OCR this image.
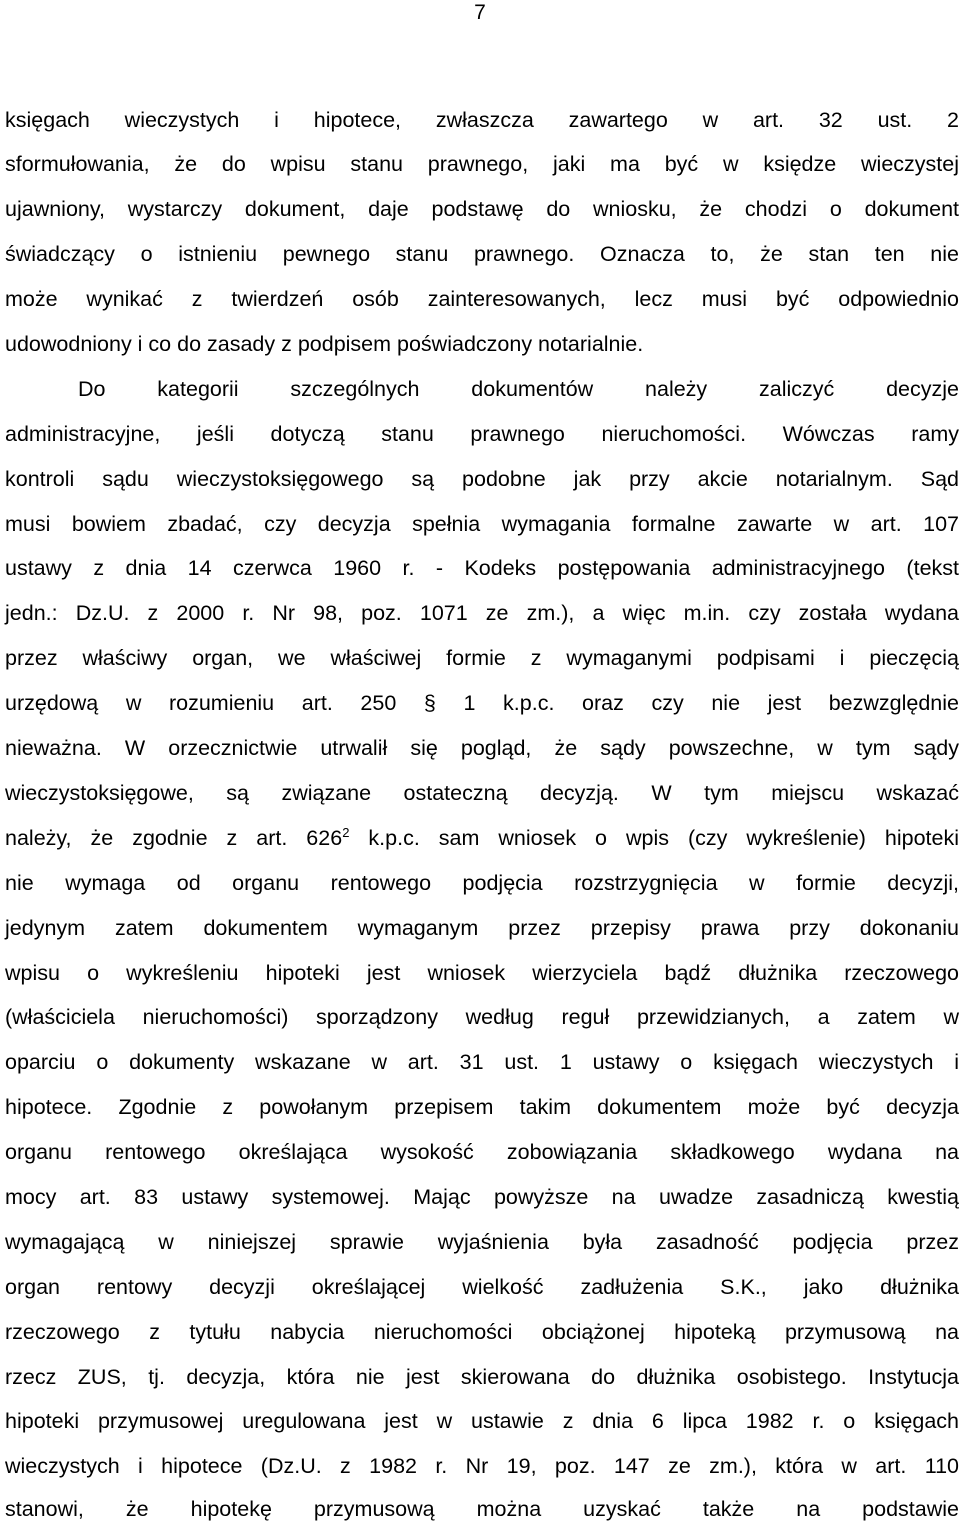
7
księgach wieczystych i hipotece, zwłaszcza zawartego w art. 32 ust. 2
sformułowania, że do wpisu stanu prawnego, jaki ma być w księdze wieczystej
ujawniony, wystarczy dokument, daje podstawę do wniosku, że chodzi o dokument
świadczący o istnieniu pewnego stanu prawnego. Oznacza to, że stan ten nie
może wynikać z twierdzeń osób zainteresowanych, lecz musi być odpowiednio
udowodniony i co do zasady z podpisem poświadczony notarialnie.
Do kategorii szczególnych dokumentów należy zaliczyć decyzje
administracyjne, jeśli dotyczą stanu prawnego nieruchomości. Wówczas ramy
kontroli sądu wieczystoksięgowego są podobne jak przy akcie notarialnym. Sąd
musi bowiem zbadać, czy decyzja spełnia wymagania formalne zawarte w art. 107
ustawy z dnia 14 czerwca 1960 r. - Kodeks postępowania administracyjnego (tekst
jedn.: Dz.U. z 2000 r. Nr 98, poz. 1071 ze zm.), a więc m.in. czy została wydana
przez właściwy organ, we właściwej formie z wymaganymi podpisami i pieczęcią
urzędową w rozumieniu art. 250 § 1 k.p.c. oraz czy nie jest bezwzględnie
nieważna. W orzecznictwie utrwalił się pogląd, że sądy powszechne, w tym sądy
wieczystoksięgowe, są związane ostateczną decyzją. W tym miejscu wskazać
należy, że zgodnie z art. $626^2$ k.p.c. sam wniosek o wpis (czy wykreślenie) hipoteki
nie wymaga od organu rentowego podjęcia rozstrzygnięcia w formie decyzji,
jedynym zatem dokumentem wymaganym przez przepisy prawa przy dokonaniu
wpisu o wykreśleniu hipoteki jest wniosek wierzyciela bądź dłużnika rzeczowego
(właściciela nieruchomości) sporządzony według reguł przewidzianych, a zatem w
oparciu o dokumenty wskazane w art. 31 ust. 1 ustawy o księgach wieczystych i
hipotece. Zgodnie z powołanym przepisem takim dokumentem może być decyzja
organu rentowego określająca wysokość zobowiązania składkowego wydana na
mocy art. 83 ustawy systemowej. Mając powyższe na uwadze zasadniczą kwestią
wymagającą w niniejszej sprawie wyjaśnienia była zasadność podjęcia przez
organ rentowy decyzji określającej wielkość zadłużenia S.K., jako dłużnika
rzeczowego z tytułu nabycia nieruchomości obciążonej hipoteką przymusową na
rzecz ZUS, tj. decyzja, która nie jest skierowana do dłużnika osobistego. Instytucja
hipoteki przymusowej uregulowana jest w ustawie z dnia 6 lipca 1982 r. o księgach
wieczystych i hipotece (Dz.U. z 1982 r. Nr 19, poz. 147 ze zm.), która w art. 110
stanowi, że hipotekę przymusową można uzyskać także na podstawie
